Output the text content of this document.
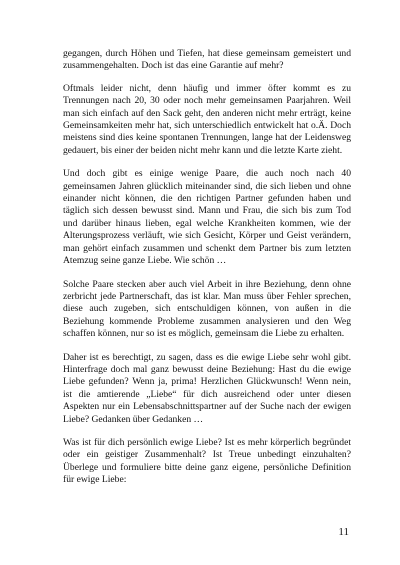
gegangen, durch Höhen und Tiefen, hat diese gemeinsam gemeistert und zusammengehalten. Doch ist das eine Garantie auf mehr?

Oftmals leider nicht, denn häufig und immer öfter kommt es zu Trennungen nach 20, 30 oder noch mehr gemeinsamen Paarjahren. Weil man sich einfach auf den Sack geht, den anderen nicht mehr erträgt, keine Gemeinsamkeiten mehr hat, sich unterschiedlich entwickelt hat o.Ä. Doch meistens sind dies keine spontanen Trennungen, lange hat der Leidensweg gedauert, bis einer der beiden nicht mehr kann und die letzte Karte zieht.

Und doch gibt es einige wenige Paare, die auch noch nach 40 gemeinsamen Jahren glücklich miteinander sind, die sich lieben und ohne einander nicht können, die den richtigen Partner gefunden haben und täglich sich dessen bewusst sind. Mann und Frau, die sich bis zum Tod und darüber hinaus lieben, egal welche Krankheiten kommen, wie der Alterungsprozess verläuft, wie sich Gesicht, Körper und Geist verändern, man gehört einfach zusammen und schenkt dem Partner bis zum letzten Atemzug seine ganze Liebe. Wie schön …

Solche Paare stecken aber auch viel Arbeit in ihre Beziehung, denn ohne zerbricht jede Partnerschaft, das ist klar. Man muss über Fehler sprechen, diese auch zugeben, sich entschuldigen können, von außen in die Beziehung kommende Probleme zusammen analysieren und den Weg schaffen können, nur so ist es möglich, gemeinsam die Liebe zu erhalten.

Daher ist es berechtigt, zu sagen, dass es die ewige Liebe sehr wohl gibt. Hinterfrage doch mal ganz bewusst deine Beziehung: Hast du die ewige Liebe gefunden? Wenn ja, prima! Herzlichen Glückwunsch! Wenn nein, ist die amtierende „Liebe“ für dich ausreichend oder unter diesen Aspekten nur ein Lebensabschnittspartner auf der Suche nach der ewigen Liebe? Gedanken über Gedanken …

Was ist für dich persönlich ewige Liebe? Ist es mehr körperlich begründet oder ein geistiger Zusammenhalt? Ist Treue unbedingt einzuhalten? Überlege und formuliere bitte deine ganz eigene, persönliche Definition für ewige Liebe:

11
